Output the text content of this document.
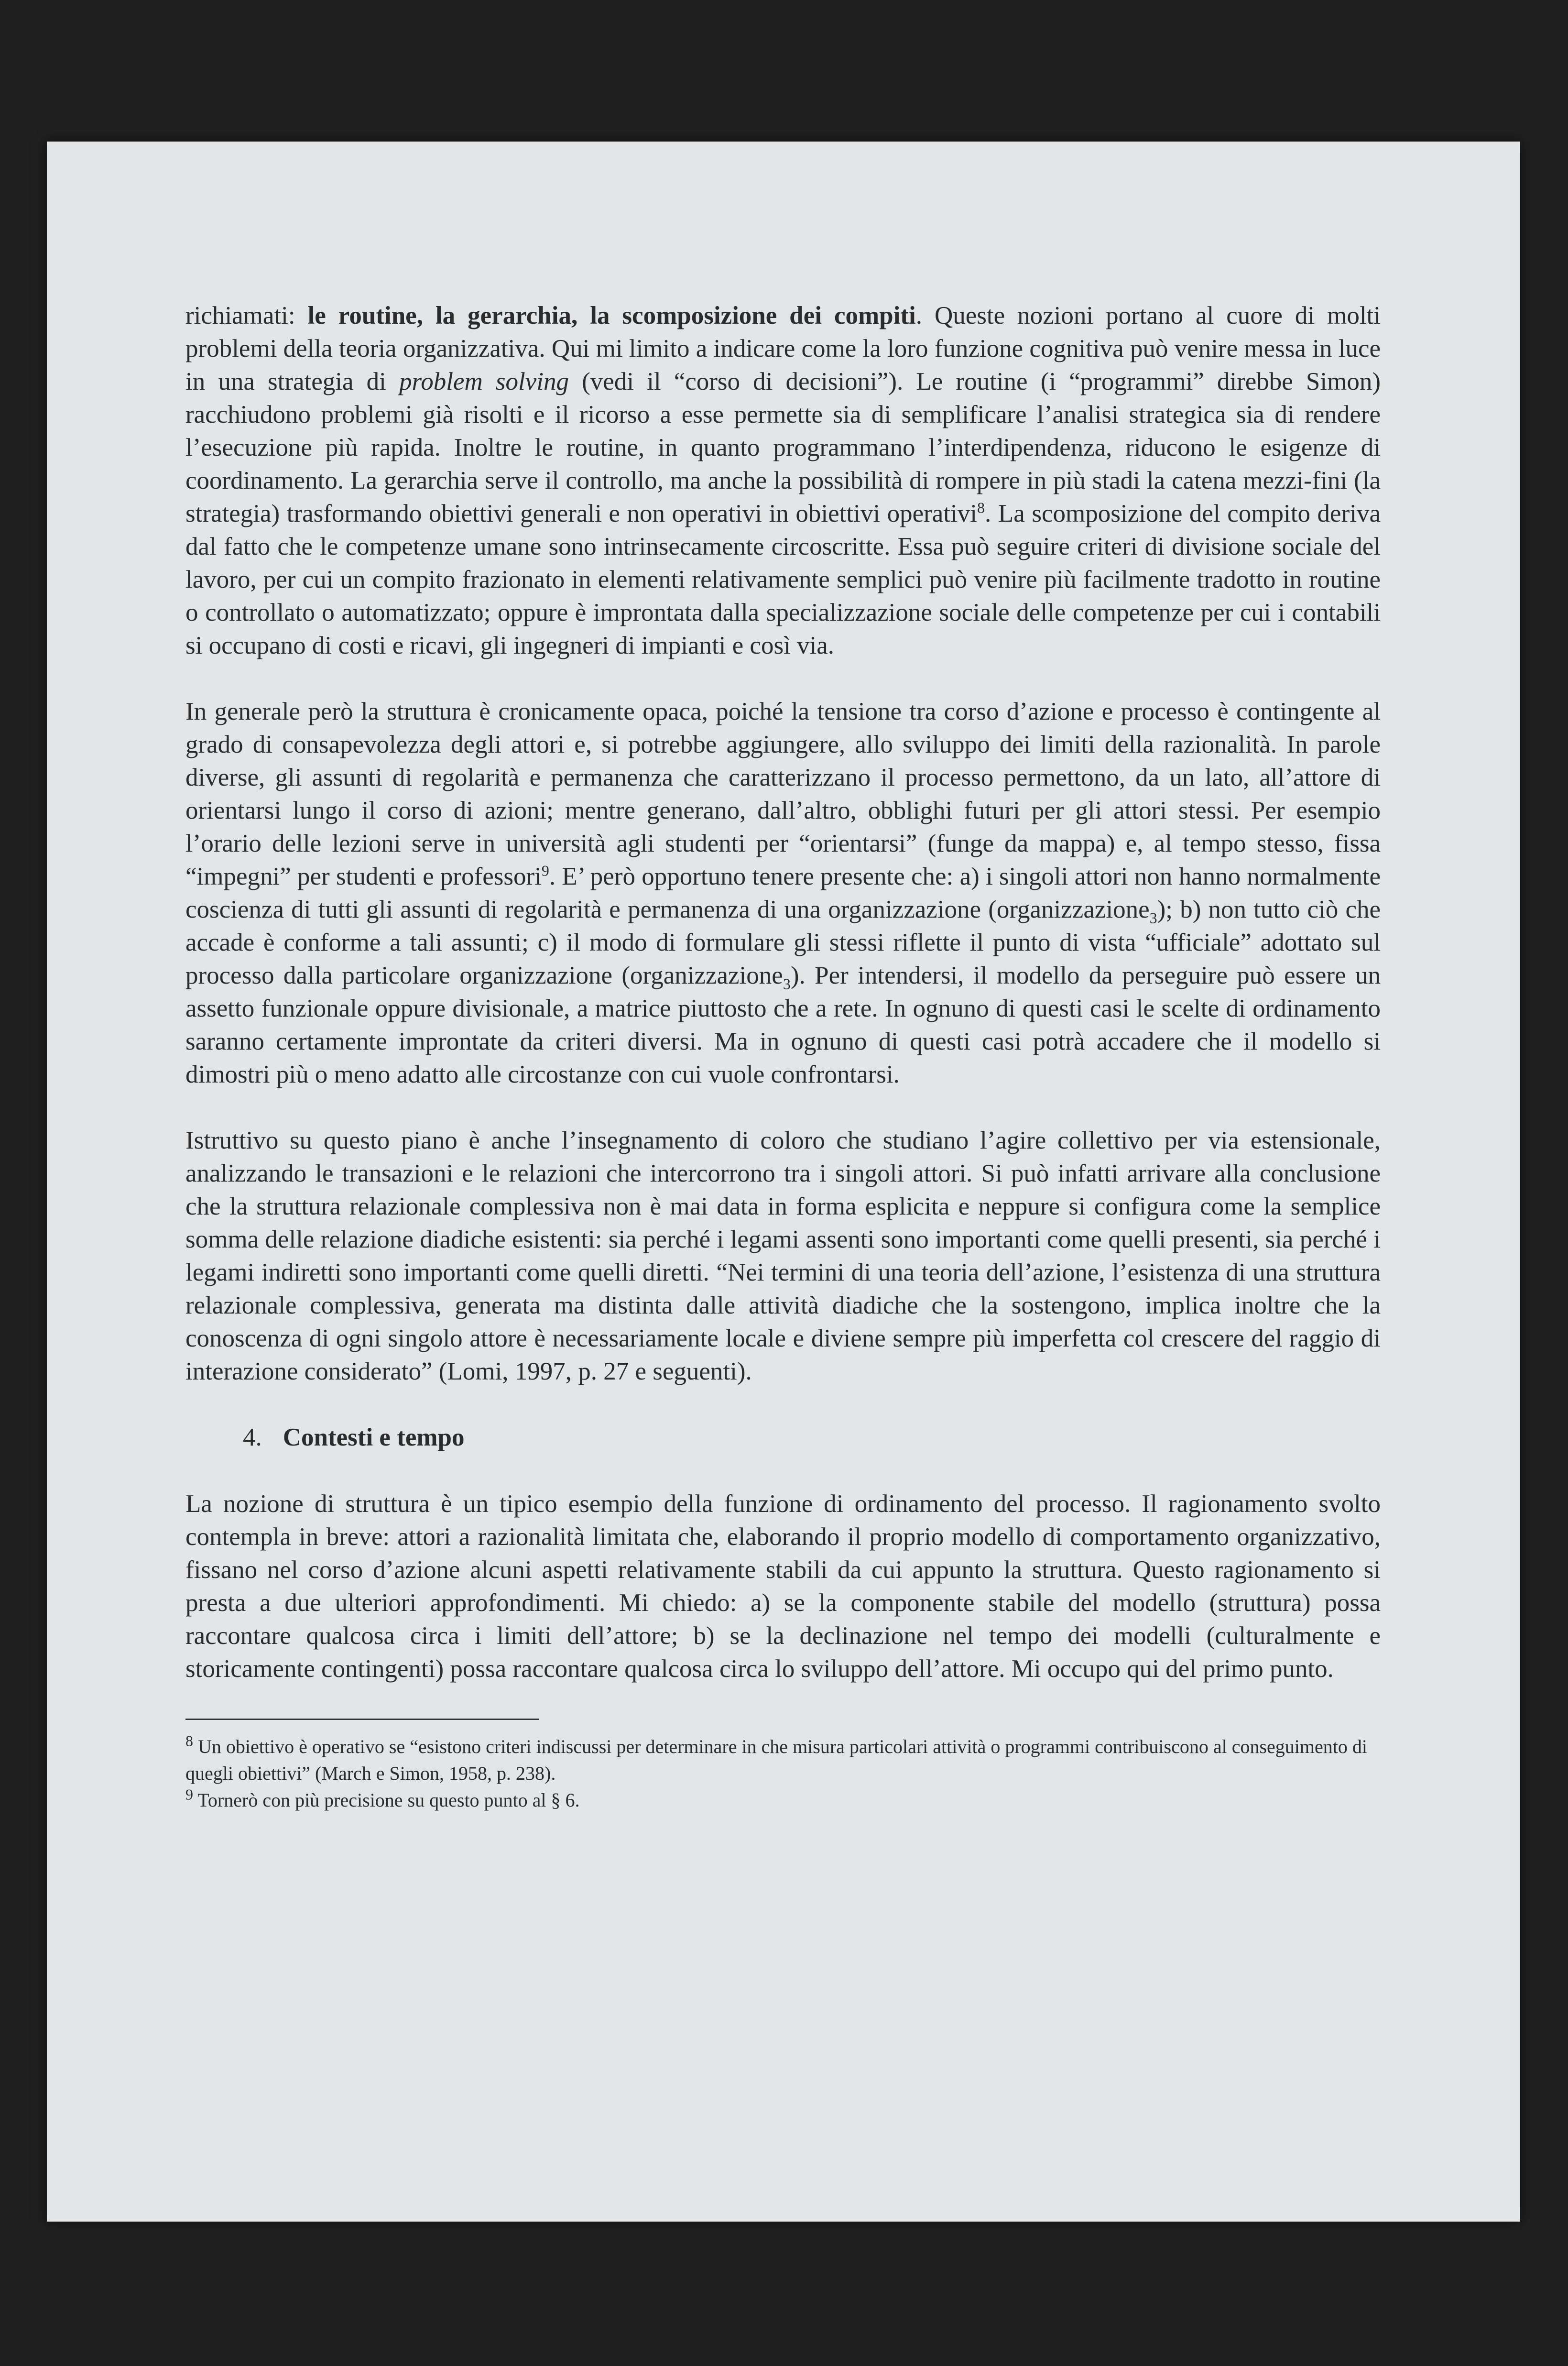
richiamati: le routine, la gerarchia, la scomposizione dei compiti. Queste nozioni portano al cuore di molti problemi della teoria organizzativa. Qui mi limito a indicare come la loro funzione cognitiva può venire messa in luce in una strategia di problem solving (vedi il “corso di decisioni”). Le routine (i “programmi” direbbe Simon) racchiudono problemi già risolti e il ricorso a esse permette sia di semplificare l’analisi strategica sia di rendere l’esecuzione più rapida. Inoltre le routine, in quanto programmano l’interdipendenza, riducono le esigenze di coordinamento. La gerarchia serve il controllo, ma anche la possibilità di rompere in più stadi la catena mezzi-fini (la strategia) trasformando obiettivi generali e non operativi in obiettivi operativi$^8$. La scomposizione del compito deriva dal fatto che le competenze umane sono intrinsecamente circoscritte. Essa può seguire criteri di divisione sociale del lavoro, per cui un compito frazionato in elementi relativamente semplici può venire più facilmente tradotto in routine o controllato o automatizzato; oppure è improntata dalla specializzazione sociale delle competenze per cui i contabili si occupano di costi e ricavi, gli ingegneri di impianti e così via.

In generale però la struttura è cronicamente opaca, poiché la tensione tra corso d’azione e processo è contingente al grado di consapevolezza degli attori e, si potrebbe aggiungere, allo sviluppo dei limiti della razionalità. In parole diverse, gli assunti di regolarità e permanenza che caratterizzano il processo permettono, da un lato, all’attore di orientarsi lungo il corso di azioni; mentre generano, dall’altro, obblighi futuri per gli attori stessi. Per esempio l’orario delle lezioni serve in università agli studenti per “orientarsi” (funge da mappa) e, al tempo stesso, fissa “impegni” per studenti e professori$^9$. E’ però opportuno tenere presente che: a) i singoli attori non hanno normalmente coscienza di tutti gli assunti di regolarità e permanenza di una organizzazione (organizzazione$_3$); b) non tutto ciò che accade è conforme a tali assunti; c) il modo di formulare gli stessi riflette il punto di vista “ufficiale” adottato sul processo dalla particolare organizzazione (organizzazione$_3$). Per intendersi, il modello da perseguire può essere un assetto funzionale oppure divisionale, a matrice piuttosto che a rete. In ognuno di questi casi le scelte di ordinamento saranno certamente improntate da criteri diversi. Ma in ognuno di questi casi potrà accadere che il modello si dimostri più o meno adatto alle circostanze con cui vuole confrontarsi.

Istruttivo su questo piano è anche l’insegnamento di coloro che studiano l’agire collettivo per via estensionale, analizzando le transazioni e le relazioni che intercorrono tra i singoli attori. Si può infatti arrivare alla conclusione che la struttura relazionale complessiva non è mai data in forma esplicita e neppure si configura come la semplice somma delle relazione diadiche esistenti: sia perché i legami assenti sono importanti come quelli presenti, sia perché i legami indiretti sono importanti come quelli diretti. “Nei termini di una teoria dell’azione, l’esistenza di una struttura relazionale complessiva, generata ma distinta dalle attività diadiche che la sostengono, implica inoltre che la conoscenza di ogni singolo attore è necessariamente locale e diviene sempre più imperfetta col crescere del raggio di interazione considerato” (Lomi, 1997, p. 27 e seguenti).

4. Contesti e tempo

La nozione di struttura è un tipico esempio della funzione di ordinamento del processo. Il ragionamento svolto contempla in breve: attori a razionalità limitata che, elaborando il proprio modello di comportamento organizzativo, fissano nel corso d’azione alcuni aspetti relativamente stabili da cui appunto la struttura. Questo ragionamento si presta a due ulteriori approfondimenti. Mi chiedo: a) se la componente stabile del modello (struttura) possa raccontare qualcosa circa i limiti dell’attore; b) se la declinazione nel tempo dei modelli (culturalmente e storicamente contingenti) possa raccontare qualcosa circa lo sviluppo dell’attore. Mi occupo qui del primo punto.

$^8$ Un obiettivo è operativo se “esistono criteri indiscussi per determinare in che misura particolari attività o programmi contribuiscono al conseguimento di quegli obiettivi” (March e Simon, 1958, p. 238).

$^9$ Tornerò con più precisione su questo punto al § 6.
